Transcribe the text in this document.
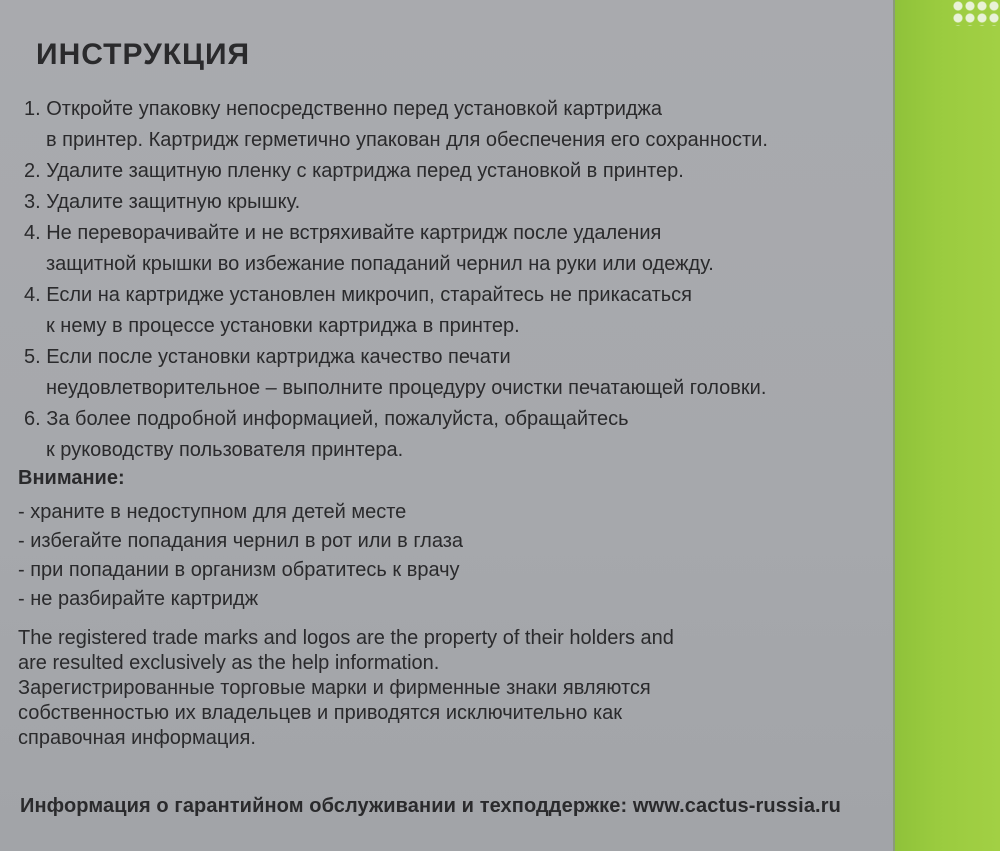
ИНСТРУКЦИЯ

1. Откройте упаковку непосредственно перед установкой картриджа
в принтер. Картридж герметично упакован для обеспечения его сохранности.

2. Удалите защитную пленку с картриджа перед установкой в принтер.

3. Удалите защитную крышку.

4. Не переворачивайте и не встряхивайте картридж после удаления
защитной крышки во избежание попаданий чернил на руки или одежду.

4. Если на картридже установлен микрочип, старайтесь не прикасаться
к нему в процессе установки картриджа в принтер.

5. Если после установки картриджа качество печати
неудовлетворительное – выполните процедуру очистки печатающей головки.

6. За более подробной информацией, пожалуйста, обращайтесь
к руководству пользователя принтера.

Внимание:
- храните в недоступном для детей месте
- избегайте попадания чернил в рот или в глаза
- при попадании в организм обратитесь к врачу
- не разбирайте картридж

The registered trade marks and logos are the property of their holders and

are resulted exclusively as the help information.

Зарегистрированные торговые марки и фирменные знаки являются

собственностью их владельцев и приводятся исключительно как

справочная информация.

Информация о гарантийном обслуживании и техподдержке: www.cactus-russia.ru
